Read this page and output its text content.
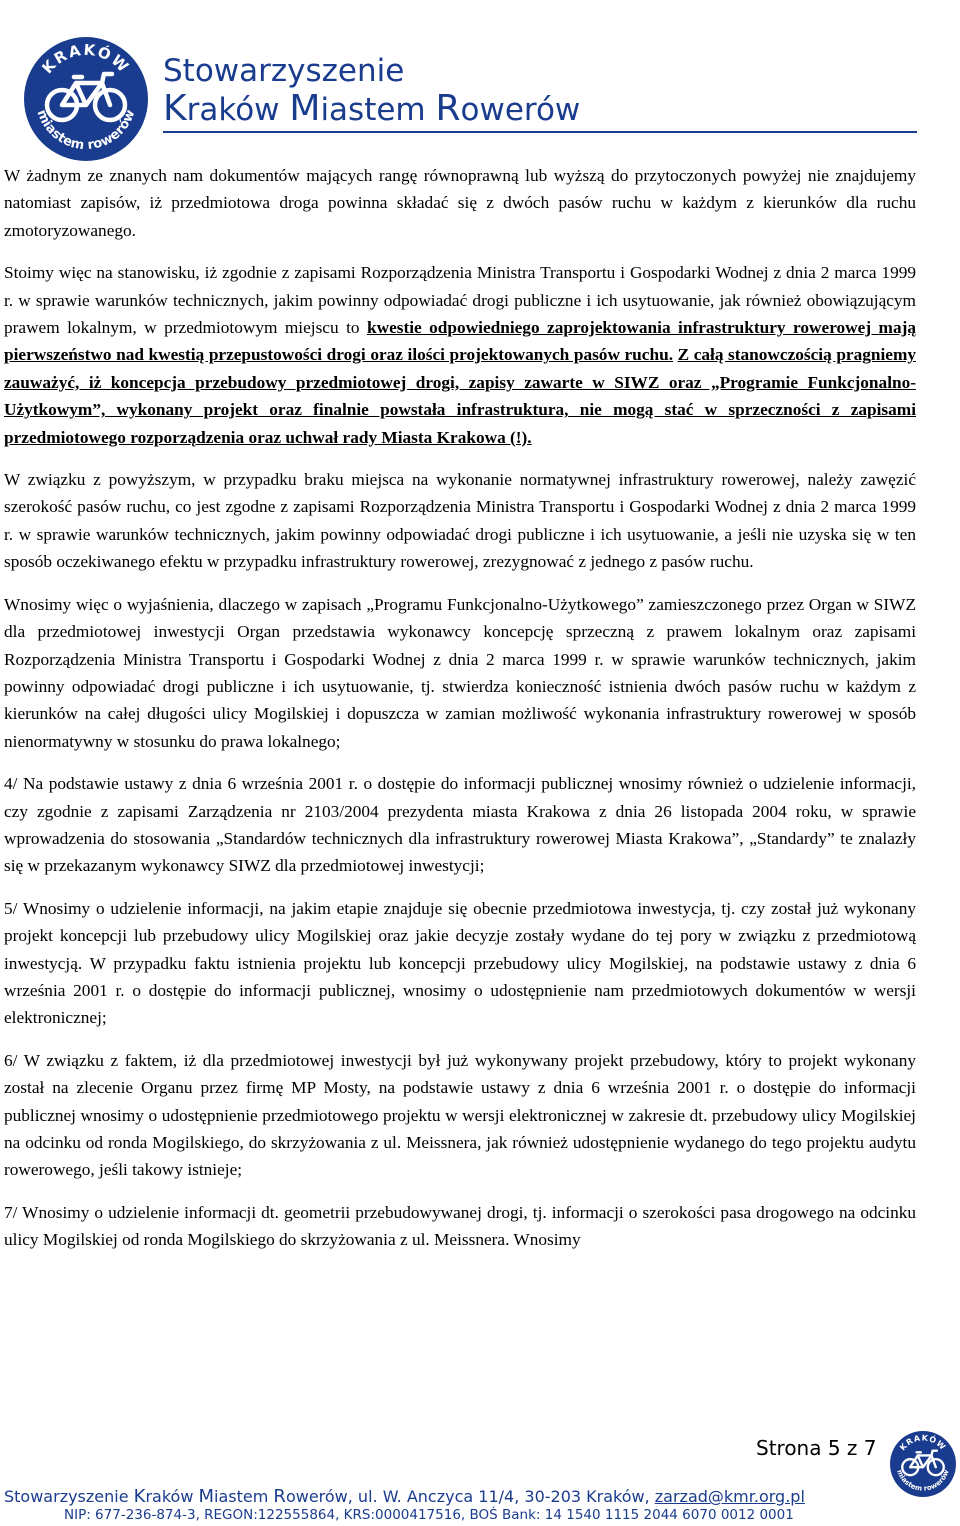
KRAKÓW
miastem rowerów
Stowarzyszenie
Kraków Miastem Rowerów

W żadnym ze znanych nam dokumentów mających rangę równoprawną lub wyższą do przytoczonych powyżej nie znajdujemy natomiast zapisów, iż przedmiotowa droga powinna składać się z dwóch pasów ruchu w każdym z kierunków dla ruchu zmotoryzowanego.

Stoimy więc na stanowisku, iż zgodnie z zapisami Rozporządzenia Ministra Transportu i Gospodarki Wodnej z dnia 2 marca 1999 r. w sprawie warunków technicznych, jakim powinny odpowiadać drogi publiczne i ich usytuowanie, jak również obowiązującym prawem lokalnym, w przedmiotowym miejscu to kwestie odpowiedniego zaprojektowania infrastruktury rowerowej mają pierwszeństwo nad kwestią przepustowości drogi oraz ilości projektowanych pasów ruchu. Z całą stanowczością pragniemy zauważyć, iż koncepcja przebudowy przedmiotowej drogi, zapisy zawarte w SIWZ oraz „Programie Funkcjonalno-Użytkowym”, wykonany projekt oraz finalnie powstała infrastruktura, nie mogą stać w sprzeczności z zapisami przedmiotowego rozporządzenia oraz uchwał rady Miasta Krakowa (!).

W związku z powyższym, w przypadku braku miejsca na wykonanie normatywnej infrastruktury rowerowej, należy zawęzić szerokość pasów ruchu, co jest zgodne z zapisami Rozporządzenia Ministra Transportu i Gospodarki Wodnej z dnia 2 marca 1999 r. w sprawie warunków technicznych, jakim powinny odpowiadać drogi publiczne i ich usytuowanie, a jeśli nie uzyska się w ten sposób oczekiwanego efektu w przypadku infrastruktury rowerowej, zrezygnować z jednego z pasów ruchu.

Wnosimy więc o wyjaśnienia, dlaczego w zapisach „Programu Funkcjonalno-Użytkowego” zamieszczonego przez Organ w SIWZ dla przedmiotowej inwestycji Organ przedstawia wykonawcy koncepcję sprzeczną z prawem lokalnym oraz zapisami Rozporządzenia Ministra Transportu i Gospodarki Wodnej z dnia 2 marca 1999 r. w sprawie warunków technicznych, jakim powinny odpowiadać drogi publiczne i ich usytuowanie, tj. stwierdza konieczność istnienia dwóch pasów ruchu w każdym z kierunków na całej długości ulicy Mogilskiej i dopuszcza w zamian możliwość wykonania infrastruktury rowerowej w sposób nienormatywny w stosunku do prawa lokalnego;

4/ Na podstawie ustawy z dnia 6 września 2001 r. o dostępie do informacji publicznej wnosimy również o udzielenie informacji, czy zgodnie z zapisami Zarządzenia nr 2103/2004 prezydenta miasta Krakowa z dnia 26 listopada 2004 roku, w sprawie wprowadzenia do stosowania „Standardów technicznych dla infrastruktury rowerowej Miasta Krakowa”, „Standardy” te znalazły się w przekazanym wykonawcy SIWZ dla przedmiotowej inwestycji;

5/ Wnosimy o udzielenie informacji, na jakim etapie znajduje się obecnie przedmiotowa inwestycja, tj. czy został już wykonany projekt koncepcji lub przebudowy ulicy Mogilskiej oraz jakie decyzje zostały wydane do tej pory w związku z przedmiotową inwestycją. W przypadku faktu istnienia projektu lub koncepcji przebudowy ulicy Mogilskiej, na podstawie ustawy z dnia 6 września 2001 r. o dostępie do informacji publicznej, wnosimy o udostępnienie nam przedmiotowych dokumentów w wersji elektronicznej;

6/ W związku z faktem, iż dla przedmiotowej inwestycji był już wykonywany projekt przebudowy, który to projekt wykonany został na zlecenie Organu przez firmę MP Mosty, na podstawie ustawy z dnia 6 września 2001 r. o dostępie do informacji publicznej wnosimy o udostępnienie przedmiotowego projektu w wersji elektronicznej w zakresie dt. przebudowy ulicy Mogilskiej na odcinku od ronda Mogilskiego, do skrzyżowania z ul. Meissnera, jak również udostępnienie wydanego do tego projektu audytu rowerowego, jeśli takowy istnieje;

7/ Wnosimy o udzielenie informacji dt. geometrii przebudowywanej drogi, tj. informacji o szerokości pasa drogowego na odcinku ulicy Mogilskiej od ronda Mogilskiego do skrzyżowania z ul. Meissnera. Wnosimy

Strona 5 z 7 KRAKÓW
miastem rowerów
Stowarzyszenie Kraków Miastem Rowerów, ul. W. Anczyca 11/4, 30-203 Kraków, zarzad@kmr.org.pl
NIP: 677-236-874-3, REGON:122555864, KRS:0000417516, BOŚ Bank: 14 1540 1115 2044 6070 0012 0001
